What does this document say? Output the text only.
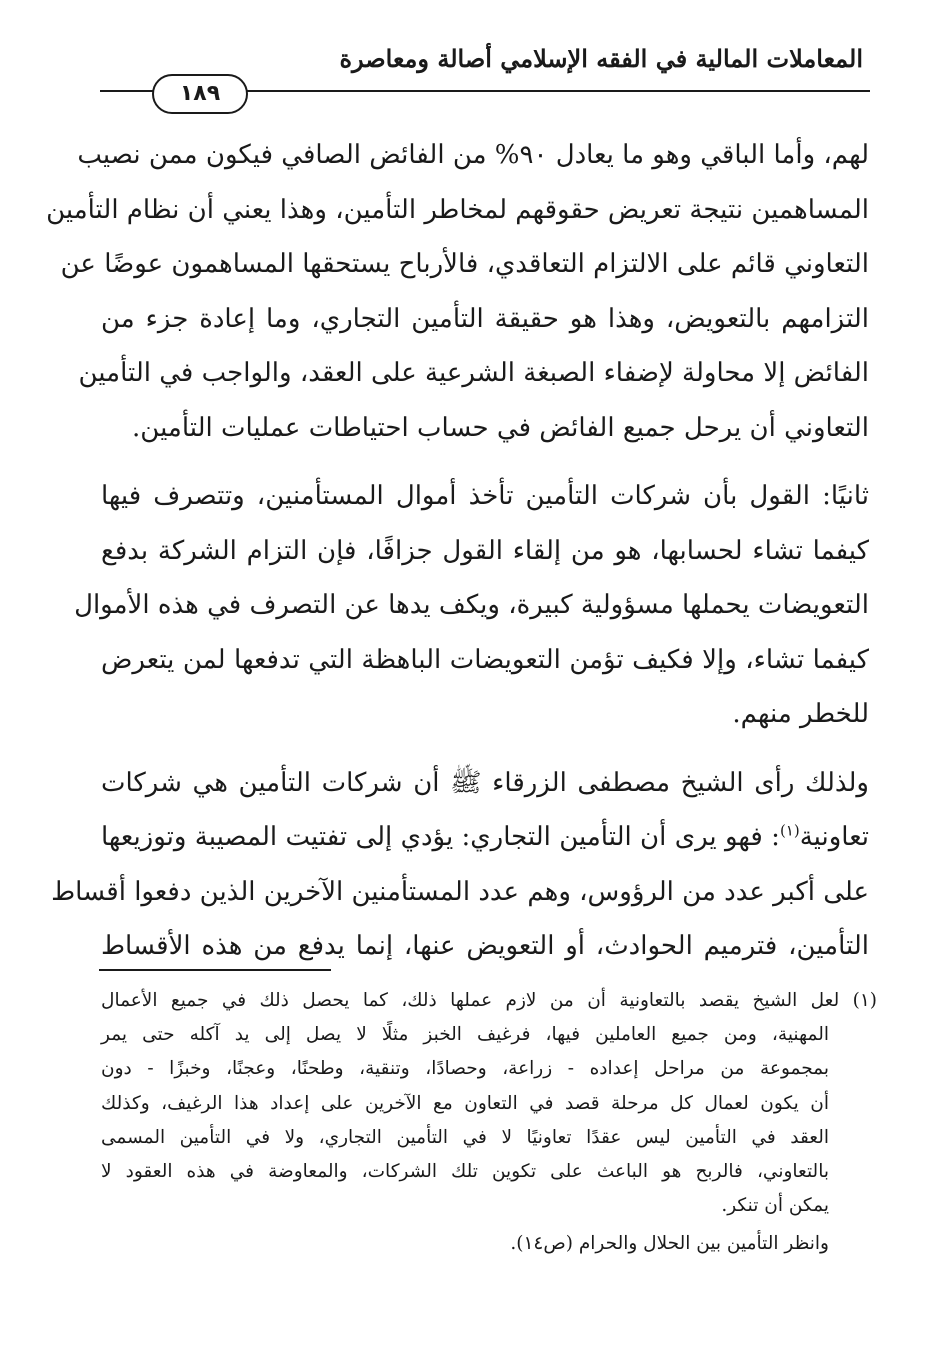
المعاملات المالية في الفقه الإسلامي أصالة ومعاصرة
١٨٩
لهم، وأما الباقي وهو ما يعادل ٩٠% من الفائض الصافي فيكون ممن نصيب
المساهمين نتيجة تعريض حقوقهم لمخاطر التأمين، وهذا يعني أن نظام التأمين
التعاوني قائم على الالتزام التعاقدي، فالأرباح يستحقها المساهمون عوضًا عن
التزامهم بالتعويض، وهذا هو حقيقة التأمين التجاري، وما إعادة جزء من
الفائض إلا محاولة لإضفاء الصبغة الشرعية على العقد، والواجب في التأمين
التعاوني أن يرحل جميع الفائض في حساب احتياطات عمليات التأمين.
ثانيًا: القول بأن شركات التأمين تأخذ أموال المستأمنين، وتتصرف فيها
كيفما تشاء لحسابها، هو من إلقاء القول جزافًا، فإن التزام الشركة بدفع
التعويضات يحملها مسؤولية كبيرة، ويكف يدها عن التصرف في هذه الأموال
كيفما تشاء، وإلا فكيف تؤمن التعويضات الباهظة التي تدفعها لمن يتعرض
للخطر منهم.
ولذلك رأى الشيخ مصطفى الزرقاء ﷺ أن شركات التأمين هي شركات
تعاونية$^{(١)}$: فهو يرى أن التأمين التجاري: يؤدي إلى تفتيت المصيبة وتوزيعها
على أكبر عدد من الرؤوس، وهم عدد المستأمنين الآخرين الذين دفعوا أقساط
التأمين، فترميم الحوادث، أو التعويض عنها، إنما يدفع من هذه الأقساط
(١) لعل الشيخ يقصد بالتعاونية أن من لازم عملها ذلك، كما يحصل ذلك في جميع الأعمال
المهنية، ومن جميع العاملين فيها، فرغيف الخبز مثلًا لا يصل إلى يد آكله حتى يمر
بمجموعة من مراحل إعداده - زراعة، وحصادًا، وتنقية، وطحنًا، وعجنًا، وخبزًا - دون
أن يكون لعمال كل مرحلة قصد في التعاون مع الآخرين على إعداد هذا الرغيف، وكذلك
العقد في التأمين ليس عقدًا تعاونيًا لا في التأمين التجاري، ولا في التأمين المسمى
بالتعاوني، فالربح هو الباعث على تكوين تلك الشركات، والمعاوضة في هذه العقود لا
يمكن أن تنكر.
وانظر التأمين بين الحلال والحرام (ص١٤).
